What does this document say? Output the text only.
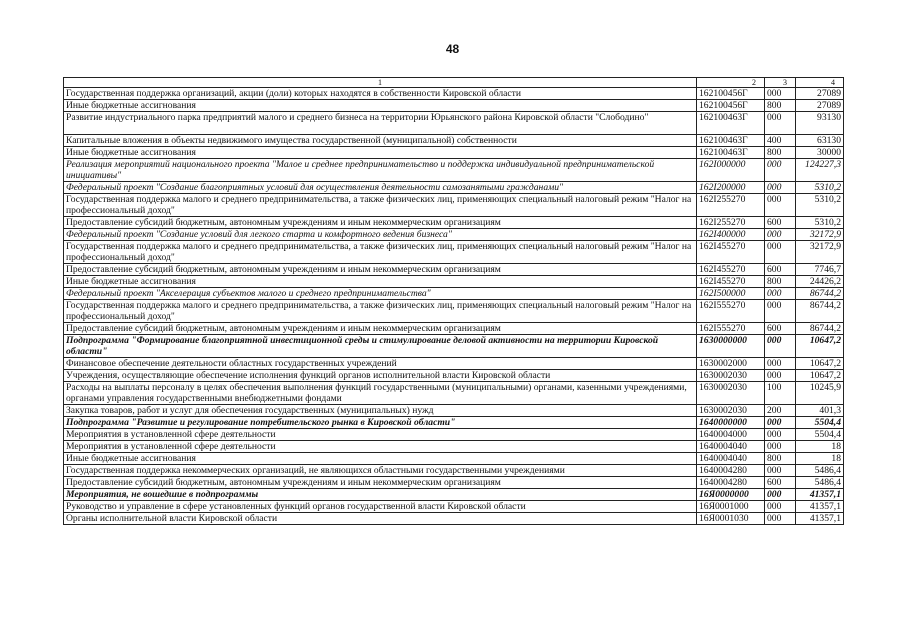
48
1	2	3	4
Государственная поддержка организаций, акции (доли) которых находятся в собственности Кировской области	162100456Г	000	27089
Иные бюджетные ассигнования	162100456Г	800	27089
Развитие индустриального парка предприятий малого и среднего бизнеса на территории Юрьянского района Кировской области "Слободино"	162100463Г	000	93130
Капитальные вложения в объекты недвижимого имущества государственной (муниципальной) собственности	162100463Г	400	63130
Иные бюджетные ассигнования	162100463Г	800	30000
Реализация мероприятий национального проекта "Малое и среднее предпринимательство и поддержка индивидуальной предпринимательской инициативы"	162I000000	000	124227,3
Федеральный проект "Создание благоприятных условий для осуществления деятельности самозанятыми гражданами"	162I200000	000	5310,2
Государственная поддержка малого и среднего предпринимательства, а также физических лиц, применяющих специальный налоговый режим "Налог на профессиональный доход"	162I255270	000	5310,2
Предоставление субсидий бюджетным, автономным учреждениям и иным некоммерческим организациям	162I255270	600	5310,2
Федеральный проект "Создание условий для легкого старта и комфортного ведения бизнеса"	162I400000	000	32172,9
Государственная поддержка малого и среднего предпринимательства, а также физических лиц, применяющих специальный налоговый режим "Налог на профессиональный доход"	162I455270	000	32172,9
Предоставление субсидий бюджетным, автономным учреждениям и иным некоммерческим организациям	162I455270	600	7746,7
Иные бюджетные ассигнования	162I455270	800	24426,2
Федеральный проект "Акселерация субъектов малого и среднего предпринимательства"	162I500000	000	86744,2
Государственная поддержка малого и среднего предпринимательства, а также физических лиц, применяющих специальный налоговый режим "Налог на профессиональный доход"	162I555270	000	86744,2
Предоставление субсидий бюджетным, автономным учреждениям и иным некоммерческим организациям	162I555270	600	86744,2
Подпрограмма "Формирование благоприятной инвестиционной среды и стимулирование деловой активности на территории Кировской области"	1630000000	000	10647,2
Финансовое обеспечение деятельности областных государственных учреждений	1630002000	000	10647,2
Учреждения, осуществляющие обеспечение исполнения функций органов исполнительной власти Кировской области	1630002030	000	10647,2
Расходы на выплаты персоналу в целях обеспечения выполнения функций государственными (муниципальными) органами, казенными учреждениями, органами управления государственными внебюджетными фондами	1630002030	100	10245,9
Закупка товаров, работ и услуг для обеспечения государственных (муниципальных) нужд	1630002030	200	401,3
Подпрограмма "Развитие и регулирование потребительского рынка в Кировской области"	1640000000	000	5504,4
Мероприятия в установленной сфере деятельности	1640004000	000	5504,4
Мероприятия в установленной сфере деятельности	1640004040	000	18
Иные бюджетные ассигнования	1640004040	800	18
Государственная поддержка некоммерческих организаций, не являющихся областными государственными учреждениями	1640004280	000	5486,4
Предоставление субсидий бюджетным, автономным учреждениям и иным некоммерческим организациям	1640004280	600	5486,4
Мероприятия, не вошедшие в подпрограммы	16Я0000000	000	41357,1
Руководство и управление в сфере установленных функций органов государственной власти Кировской области	16Я0001000	000	41357,1
Органы исполнительной власти Кировской области	16Я0001030	000	41357,1
